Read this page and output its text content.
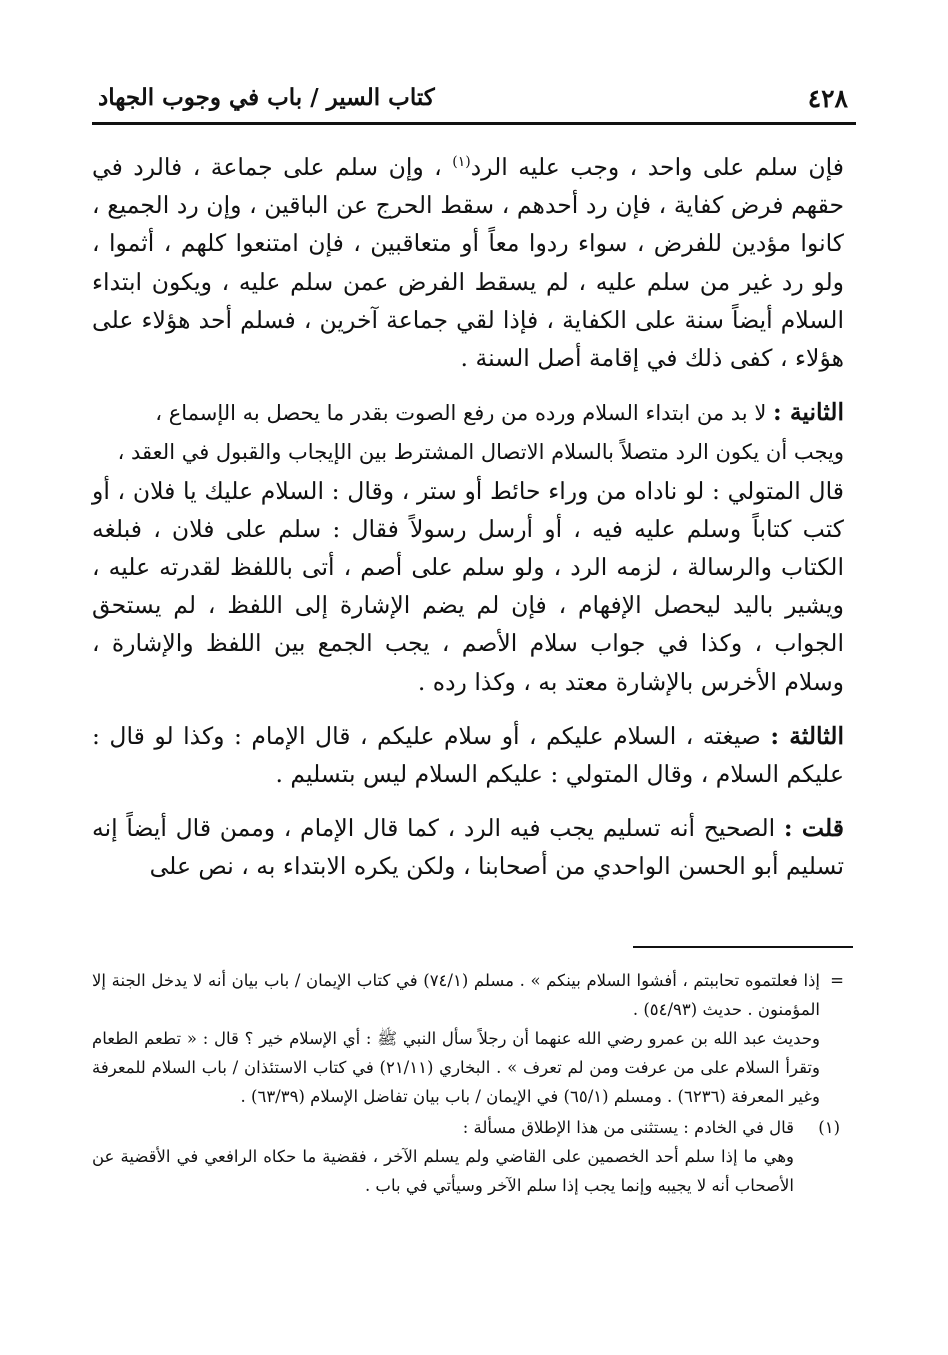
٤٢٨
كتاب السير / باب في وجوب الجهاد

فإن سلم على واحد ، وجب عليه الرد$^{(١)}$ ، وإن سلم على جماعة ، فالرد في حقهم فرض كفاية ، فإن رد أحدهم ، سقط الحرج عن الباقين ، وإن رد الجميع ، كانوا مؤدين للفرض ، سواء ردوا معاً أو متعاقبين ، فإن امتنعوا كلهم ، أثموا ، ولو رد غير من سلم عليه ، لم يسقط الفرض عمن سلم عليه ، ويكون ابتداء السلام أيضاً سنة على الكفاية ، فإذا لقي جماعة آخرين ، فسلم أحد هؤلاء على هؤلاء ، كفى ذلك في إقامة أصل السنة .

الثانية : لا بد من ابتداء السلام ورده من رفع الصوت بقدر ما يحصل به الإسماع ،
ويجب أن يكون الرد متصلاً بالسلام الاتصال المشترط بين الإيجاب والقبول في العقد ،
قال المتولي : لو ناداه من وراء حائط أو ستر ، وقال : السلام عليك يا فلان ، أو كتب كتاباً وسلم عليه فيه ، أو أرسل رسولاً فقال : سلم على فلان ، فبلغه الكتاب والرسالة ، لزمه الرد ، ولو سلم على أصم ، أتى باللفظ لقدرته عليه ، ويشير باليد ليحصل الإفهام ، فإن لم يضم الإشارة إلى اللفظ ، لم يستحق الجواب ، وكذا في جواب سلام الأصم ، يجب الجمع بين اللفظ والإشارة ، وسلام الأخرس بالإشارة معتد به ، وكذا رده .

الثالثة : صيغته ، السلام عليكم ، أو سلام عليكم ، قال الإمام : وكذا لو قال : عليكم السلام ، وقال المتولي : عليكم السلام ليس بتسليم .

قلت : الصحيح أنه تسليم يجب فيه الرد ، كما قال الإمام ، وممن قال أيضاً إنه تسليم أبو الحسن الواحدي من أصحابنا ، ولكن يكره الابتداء به ، نص على

=

إذا فعلتموه تحاببتم ، أفشوا السلام بينكم » . مسلم (٧٤/١) في كتاب الإيمان / باب بيان أنه لا يدخل الجنة إلا المؤمنون . حديث (٥٤/٩٣) .

وحديث عبد الله بن عمرو رضي الله عنهما أن رجلاً سأل النبي ﷺ : أي الإسلام خير ؟ قال : « تطعم الطعام وتقرأ السلام على من عرفت ومن لم تعرف » . البخاري (٢١/١١) في كتاب الاستئذان / باب السلام للمعرفة وغير المعرفة (٦٢٣٦) . ومسلم (٦٥/١) في الإيمان / باب بيان تفاضل الإسلام (٦٣/٣٩) .

(١)

قال في الخادم : يستثنى من هذا الإطلاق مسألة :

وهي ما إذا سلم أحد الخصمين على القاضي ولم يسلم الآخر ، فقضية ما حكاه الرافعي في الأقضية عن الأصحاب أنه لا يجيبه وإنما يجب إذا سلم الآخر وسيأتي في باب .
